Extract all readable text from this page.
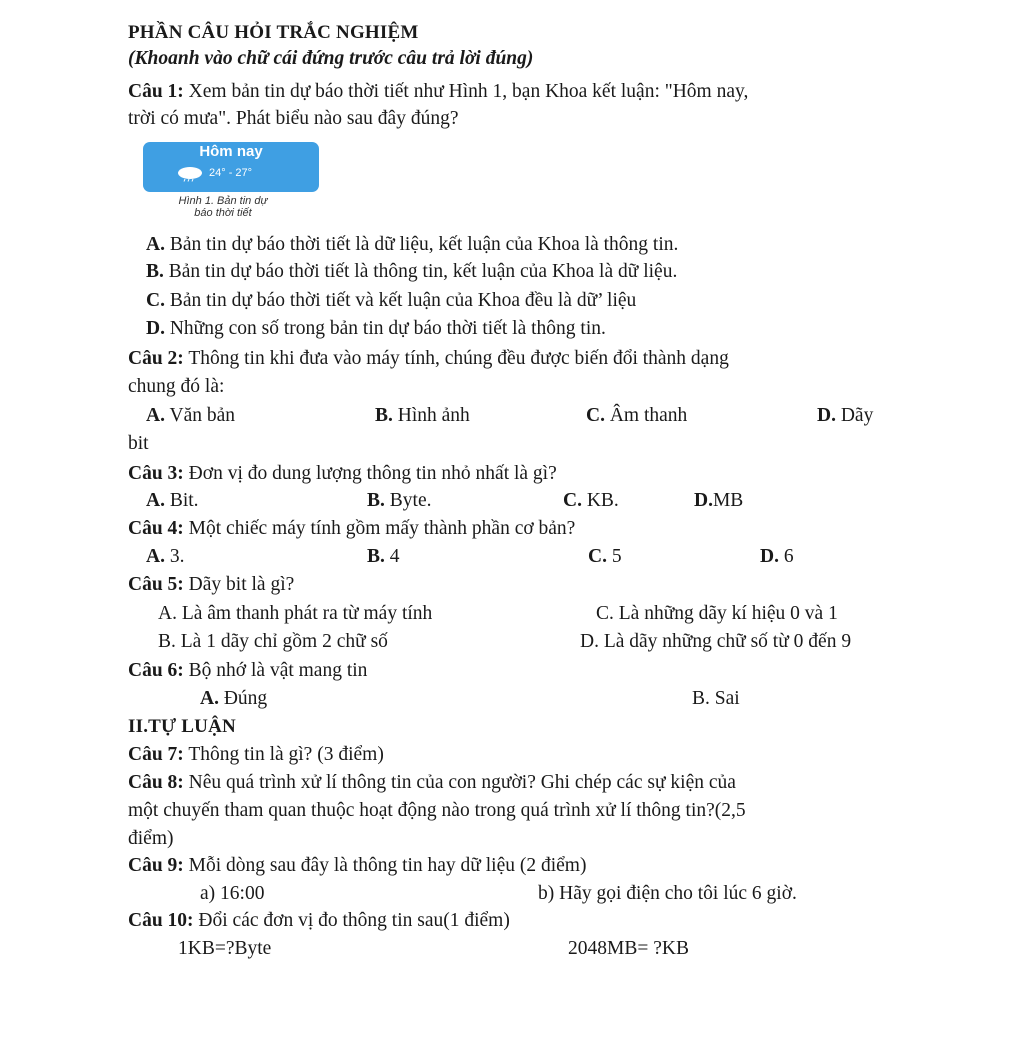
PHẦN CÂU HỎI TRẮC NGHIỆM
(Khoanh vào chữ cái đứng trước câu trả lời đúng)
Câu 1: Xem bản tin dự báo thời tiết như Hình 1, bạn Khoa kết luận: "Hôm nay,
trời có mưa". Phát biểu nào sau đây đúng?
Hôm nay
24° - 27°
Hình 1. Bản tin dự
báo thời tiết
A. Bản tin dự báo thời tiết là dữ liệu, kết luận của Khoa là thông tin.
B. Bản tin dự báo thời tiết là thông tin, kết luận của Khoa là dữ liệu.
C. Bản tin dự báo thời tiết và kết luận của Khoa đều là dữ’ liệu
D. Những con số trong bản tin dự báo thời tiết là thông tin.
Câu 2: Thông tin khi đưa vào máy tính, chúng đều được biến đổi thành dạng
chung đó là:
A. Văn bản	B. Hình ảnh	C. Âm thanh	D. Dãy
bit
Câu 3: Đơn vị đo dung lượng thông tin nhỏ nhất là gì?
A. Bit.	B. Byte.	C. KB.	D.MB
Câu 4: Một chiếc máy tính gồm mấy thành phần cơ bản?
A. 3.	B. 4	C. 5	D. 6
Câu 5: Dãy bit là gì?
A. Là âm thanh phát ra từ máy tính	C. Là những dãy kí hiệu 0 và 1
B. Là 1 dãy chỉ gồm 2 chữ số	D. Là dãy những chữ số từ 0 đến 9
Câu 6: Bộ nhớ là vật mang tin
A. Đúng	B. Sai
II.TỰ LUẬN
Câu 7: Thông tin là gì? (3 điểm)
Câu 8: Nêu quá trình xử lí thông tin của con người? Ghi chép các sự kiện của
một chuyến tham quan thuộc hoạt động nào trong quá trình xử lí thông tin?(2,5
điểm)
Câu 9: Mỗi dòng sau đây là thông tin hay dữ liệu (2 điểm)
a) 16:00	b) Hãy gọi điện cho tôi lúc 6 giờ.
Câu 10: Đổi các đơn vị đo thông tin sau(1 điểm)
1KB=?Byte	2048MB= ?KB
